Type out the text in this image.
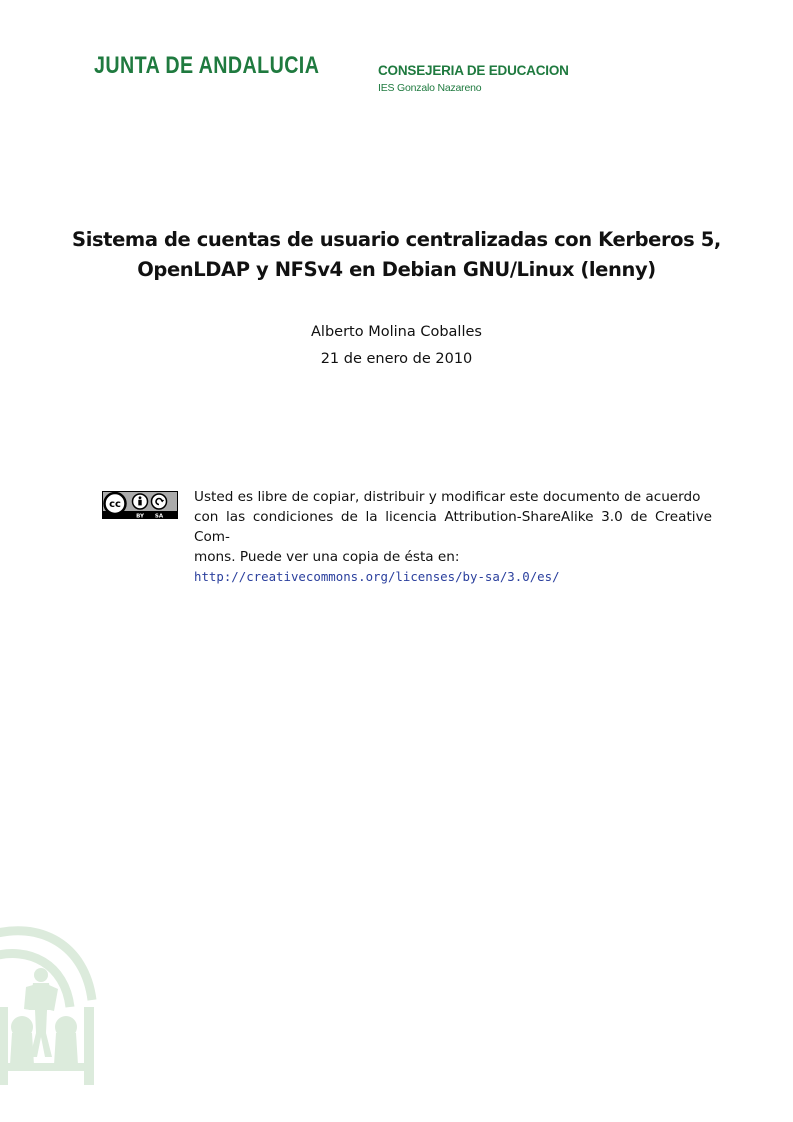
JUNTA DE ANDALUCIA	CONSEJERIA DE EDUCACION
IES Gonzalo Nazareno
Sistema de cuentas de usuario centralizadas con Kerberos 5,
OpenLDAP y NFSv4 en Debian GNU/Linux (lenny)
Alberto Molina Coballes
21 de enero de 2010
cc
BY SA
Usted es libre de copiar, distribuir y modificar este documento de acuerdo
con las condiciones de la licencia Attribution-ShareAlike 3.0 de Creative Com-
mons. Puede ver una copia de ésta en:
http://creativecommons.org/licenses/by-sa/3.0/es/
